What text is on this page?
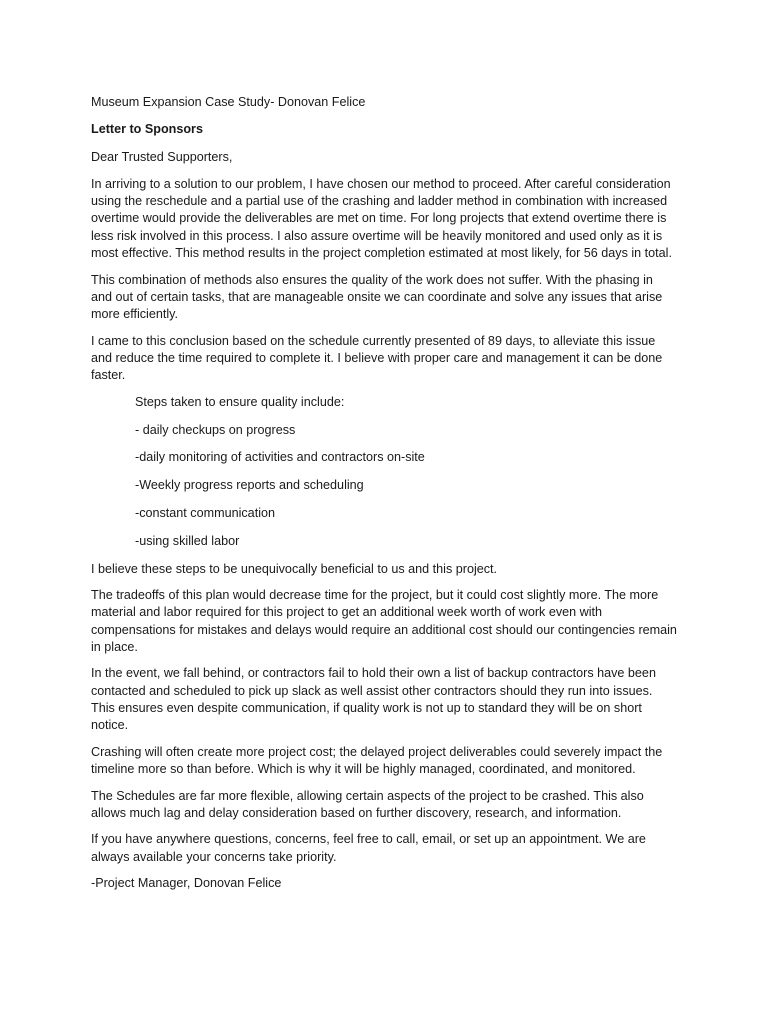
Museum Expansion Case Study- Donovan Felice

Letter to Sponsors

Dear Trusted Supporters,

In arriving to a solution to our problem, I have chosen our method to proceed. After careful consideration using the reschedule and a partial use of the crashing and ladder method in combination with increased overtime would provide the deliverables are met on time. For long projects that extend overtime there is less risk involved in this process. I also assure overtime will be heavily monitored and used only as it is most effective. This method results in the project completion estimated at most likely, for 56 days in total.

This combination of methods also ensures the quality of the work does not suffer. With the phasing in and out of certain tasks, that are manageable onsite we can coordinate and solve any issues that arise more efficiently.

I came to this conclusion based on the schedule currently presented of 89 days, to alleviate this issue and reduce the time required to complete it. I believe with proper care and management it can be done faster.

Steps taken to ensure quality include:

- daily checkups on progress

-daily monitoring of activities and contractors on-site

-Weekly progress reports and scheduling

-constant communication

-using skilled labor

I believe these steps to be unequivocally beneficial to us and this project.

The tradeoffs of this plan would decrease time for the project, but it could cost slightly more. The more material and labor required for this project to get an additional week worth of work even with compensations for mistakes and delays would require an additional cost should our contingencies remain in place.

In the event, we fall behind, or contractors fail to hold their own a list of backup contractors have been contacted and scheduled to pick up slack as well assist other contractors should they run into issues. This ensures even despite communication, if quality work is not up to standard they will be on short notice.

Crashing will often create more project cost; the delayed project deliverables could severely impact the timeline more so than before. Which is why it will be highly managed, coordinated, and monitored.

The Schedules are far more flexible, allowing certain aspects of the project to be crashed. This also allows much lag and delay consideration based on further discovery, research, and information.

If you have anywhere questions, concerns, feel free to call, email, or set up an appointment. We are always available your concerns take priority.

-Project Manager, Donovan Felice
